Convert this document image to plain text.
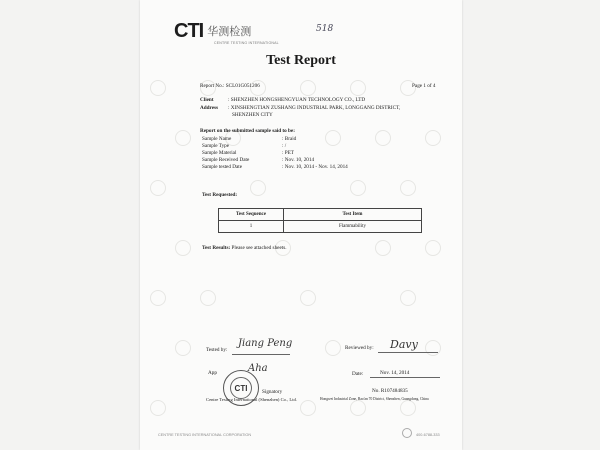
CTI 华测检测
CENTRE TESTING INTERNATIONAL
518
Test Report
Report No.: SCL01G051206	Page 1 of 4
Client	: SHENZHEN HONGSHENGYUAN TECHNOLOGY CO., LTD
Address : XINSHENGTIAN ZUSHANG INDUSTRIAL PARK, LONGGANG DISTRICT,
SHENZHEN CITY
Report on the submitted sample said to be:
Sample Name	: Braid
Sample Type	: /
Sample Material	: PET
Sample Received Date	: Nov. 10, 2014
Sample tested Date	: Nov. 10, 2014 - Nov. 14, 2014
Test Requested:
Test Sequence	Test Item
1	Flammability
Test Results: Please see attached sheets.
Tested by:
Jiang Peng	Reviewed by: Davy
App	Aha
Signatory
Centre Testing International (Shenzhen) Co., Ltd.
CTI
Date:	Nov. 14, 2014
No. R107484835
Hongwei Industrial Zone, Bao'an 70 District, Shenzhen, Guangdong, China
CENTRE TESTING INTERNATIONAL CORPORATION	400-6788-333
